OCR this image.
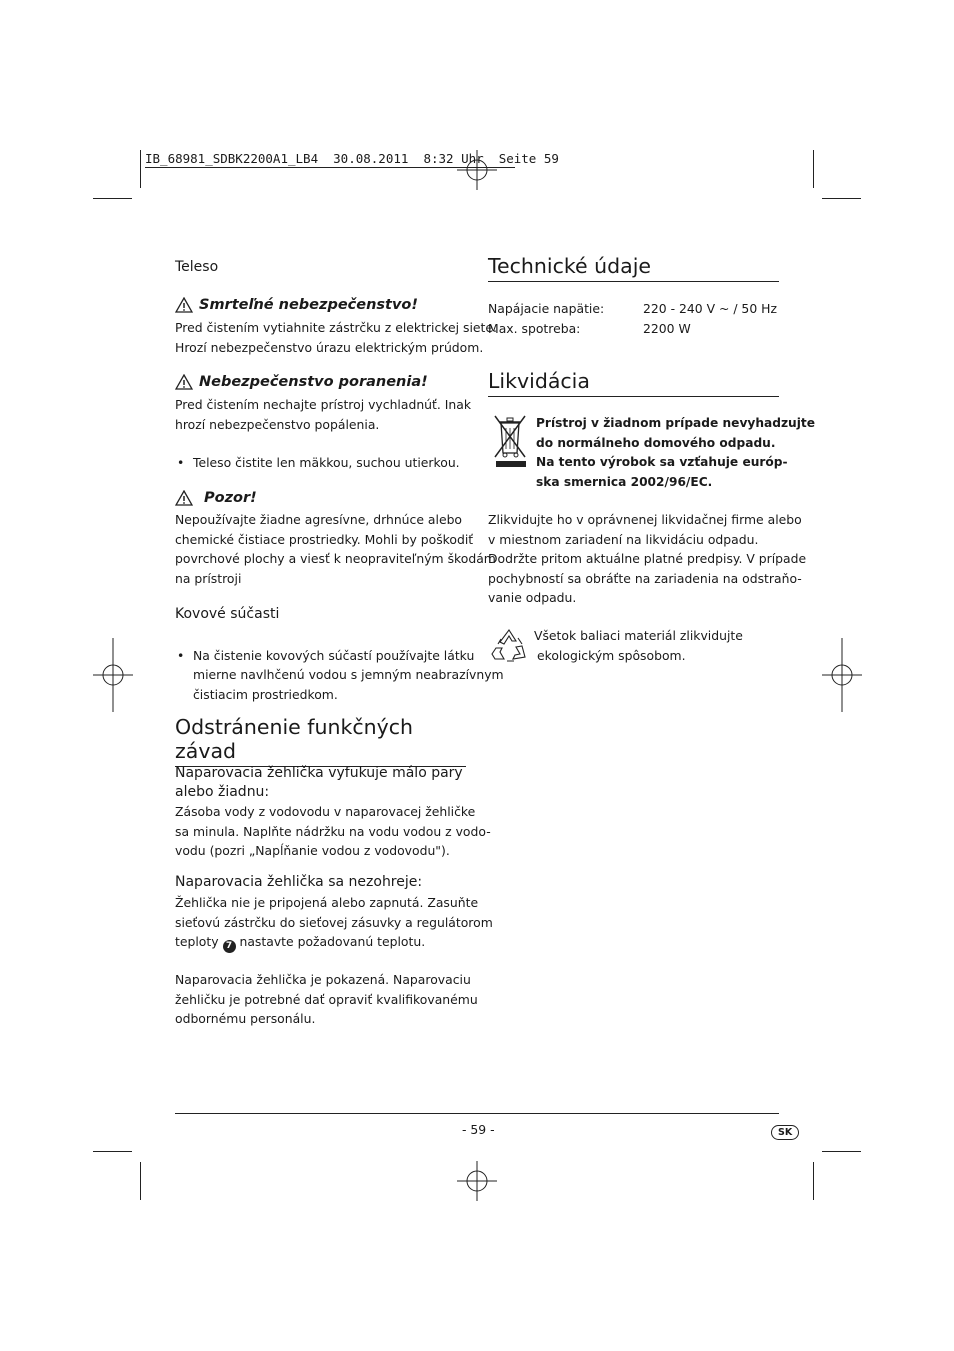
IB_68981_SDBK2200A1_LB4  30.08.2011  8:32 Uhr  Seite 59
Teleso
Smrteľné nebezpečenstvo!
Pred čistením vytiahnite zástrčku z elektrickej siete.
Hrozí nebezpečenstvo úrazu elektrickým prúdom.
Nebezpečenstvo poranenia!
Pred čistením nechajte prístroj vychladnúť. Inak
hrozí nebezpečenstvo popálenia.
• Teleso čistite len mäkkou, suchou utierkou.
Pozor!
Nepoužívajte žiadne agresívne, drhnúce alebo
chemické čistiace prostriedky. Mohli by poškodiť
povrchové plochy a viesť k neopraviteľným škodám
na prístroji
Kovové súčasti
• Na čistenie kovových súčastí používajte látku
mierne navlhčenú vodou s jemným neabrazívnym
čistiacim prostriedkom.
Odstránenie funkčných závad
Naparovacia žehlička vyfukuje málo pary
alebo žiadnu:
Zásoba vody z vodovodu v naparovacej žehličke
sa minula. Naplňte nádržku na vodu vodou z vodo-
vodu (pozri „Napĺňanie vodou z vodovodu").
Naparovacia žehlička sa nezohreje:
Žehlička nie je pripojená alebo zapnutá. Zasuňte
sieťovú zástrčku do sieťovej zásuvky a regulátorom
teploty 7 nastavte požadovanú teplotu.
Naparovacia žehlička je pokazená. Naparovaciu
žehličku je potrebné dať opraviť kvalifikovanému
odbornému personálu.
Technické údaje
Napájacie napätie:	220 - 240 V ~ / 50 Hz
Max. spotreba:	2200 W
Likvidácia
Prístroj v žiadnom prípade nevyhadzujte
do normálneho domového odpadu.
Na tento výrobok sa vzťahuje európ-
ska smernica 2002/96/EC.
Zlikvidujte ho v oprávnenej likvidačnej firme alebo
v miestnom zariadení na likvidáciu odpadu.
Dodržte pritom aktuálne platné predpisy. V prípade
pochybností sa obráťte na zariadenia na odstraňo-
vanie odpadu.
Všetok baliaci materiál zlikvidujte
ekologickým spôsobom.
- 59 -	SK
